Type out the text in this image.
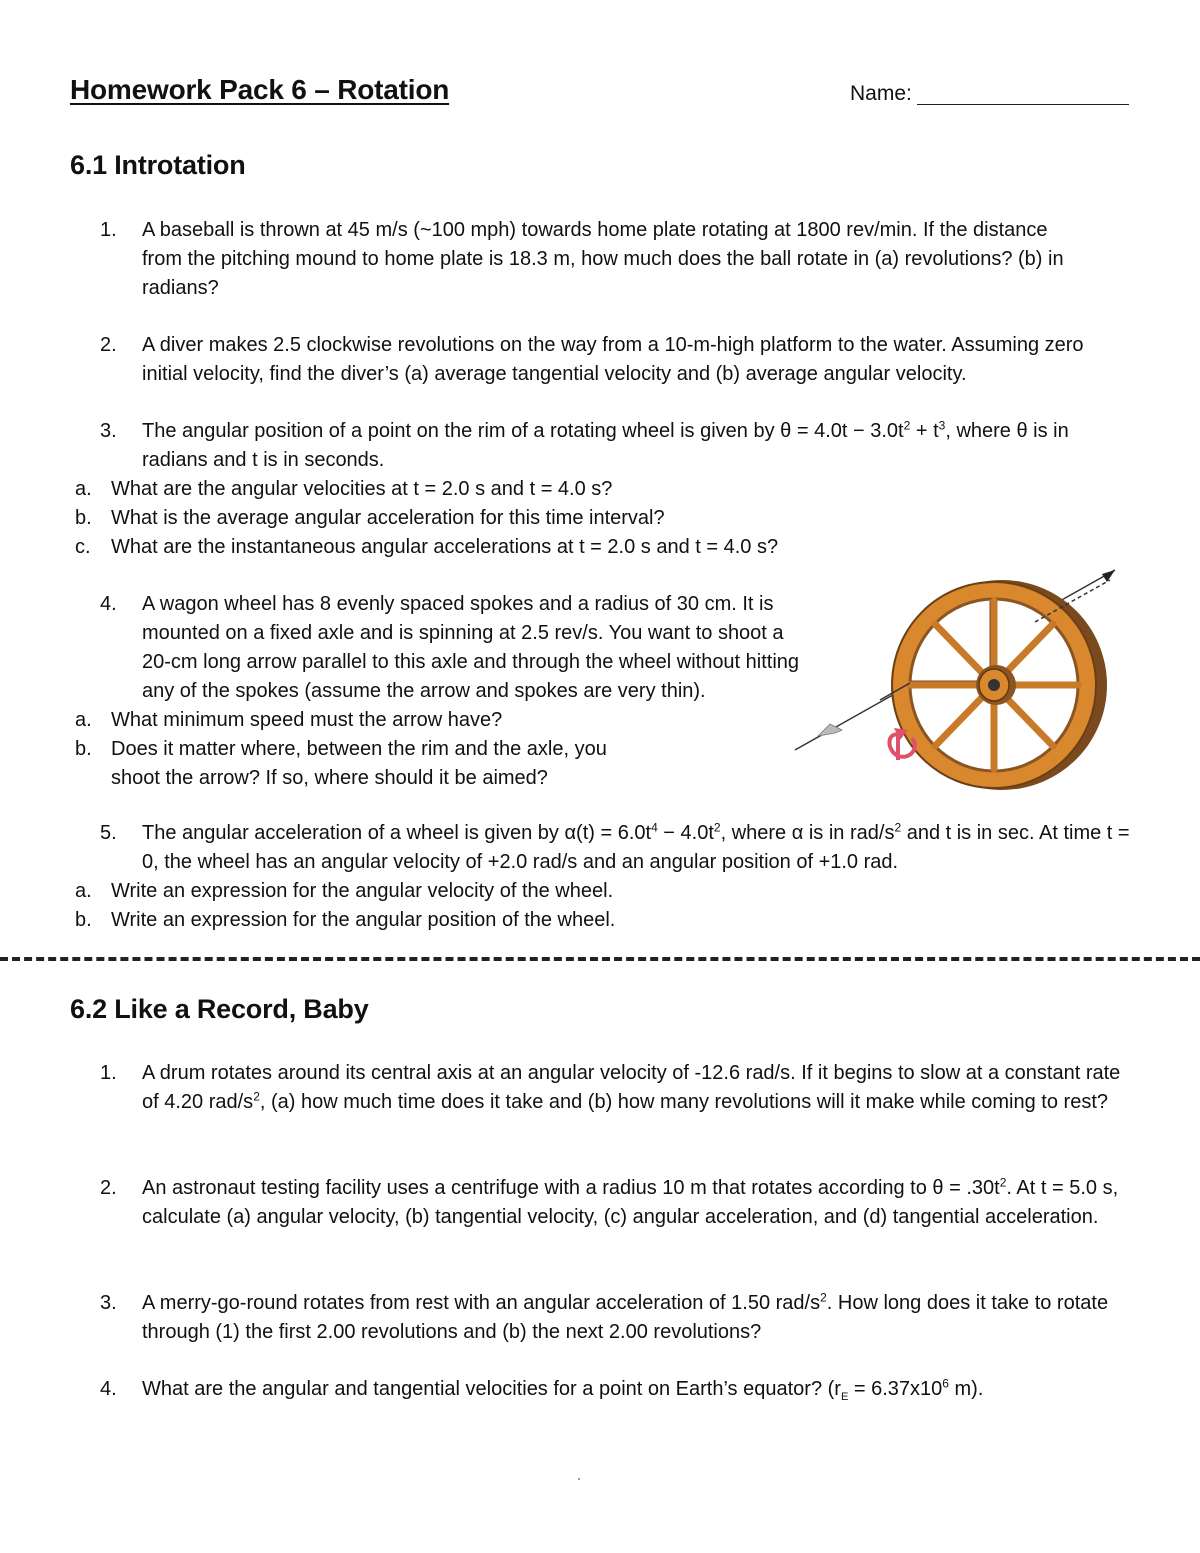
Homework Pack 6 – Rotation	Name:
6.1 Introtation
1. A baseball is thrown at 45 m/s (~100 mph) towards home plate rotating at 1800 rev/min. If the distance from the pitching mound to home plate is 18.3 m, how much does the ball rotate in (a) revolutions? (b) in radians?
2. A diver makes 2.5 clockwise revolutions on the way from a 10-m-high platform to the water. Assuming zero initial velocity, find the diver’s (a) average tangential velocity and (b) average angular velocity.
3. The angular position of a point on the rim of a rotating wheel is given by $\theta = 4.0t - 3.0t^2 + t^3$, where θ is in radians and t is in seconds.
a. What are the angular velocities at t = 2.0 s and t = 4.0 s?
b. What is the average angular acceleration for this time interval?
c. What are the instantaneous angular accelerations at t = 2.0 s and t = 4.0 s?
4. A wagon wheel has 8 evenly spaced spokes and a radius of 30 cm. It is mounted on a fixed axle and is spinning at 2.5 rev/s. You want to shoot a 20-cm long arrow parallel to this axle and through the wheel without hitting any of the spokes (assume the arrow and spokes are very thin).
a. What minimum speed must the arrow have?
b. Does it matter where, between the rim and the axle, you shoot the arrow? If so, where should it be aimed?
5. The angular acceleration of a wheel is given by $\alpha(t) = 6.0t^4 - 4.0t^2$, where α is in rad/$s^2$ and t is in sec. At time t = 0, the wheel has an angular velocity of +2.0 rad/s and an angular position of +1.0 rad.
a. Write an expression for the angular velocity of the wheel.
b. Write an expression for the angular position of the wheel.
6.2 Like a Record, Baby
1. A drum rotates around its central axis at an angular velocity of -12.6 rad/s. If it begins to slow at a constant rate of 4.20 rad/$s^2$, (a) how much time does it take and (b) how many revolutions will it make while coming to rest?
2. An astronaut testing facility uses a centrifuge with a radius 10 m that rotates according to $\theta = .30t^2$. At t = 5.0 s, calculate (a) angular velocity, (b) tangential velocity, (c) angular acceleration, and (d) tangential acceleration.
3. A merry-go-round rotates from rest with an angular acceleration of 1.50 rad/$s^2$. How long does it take to rotate through (1) the first 2.00 revolutions and (b) the next 2.00 revolutions?
4. What are the angular and tangential velocities for a point on Earth’s equator? ($r_E = 6.37x10^6$ m).
